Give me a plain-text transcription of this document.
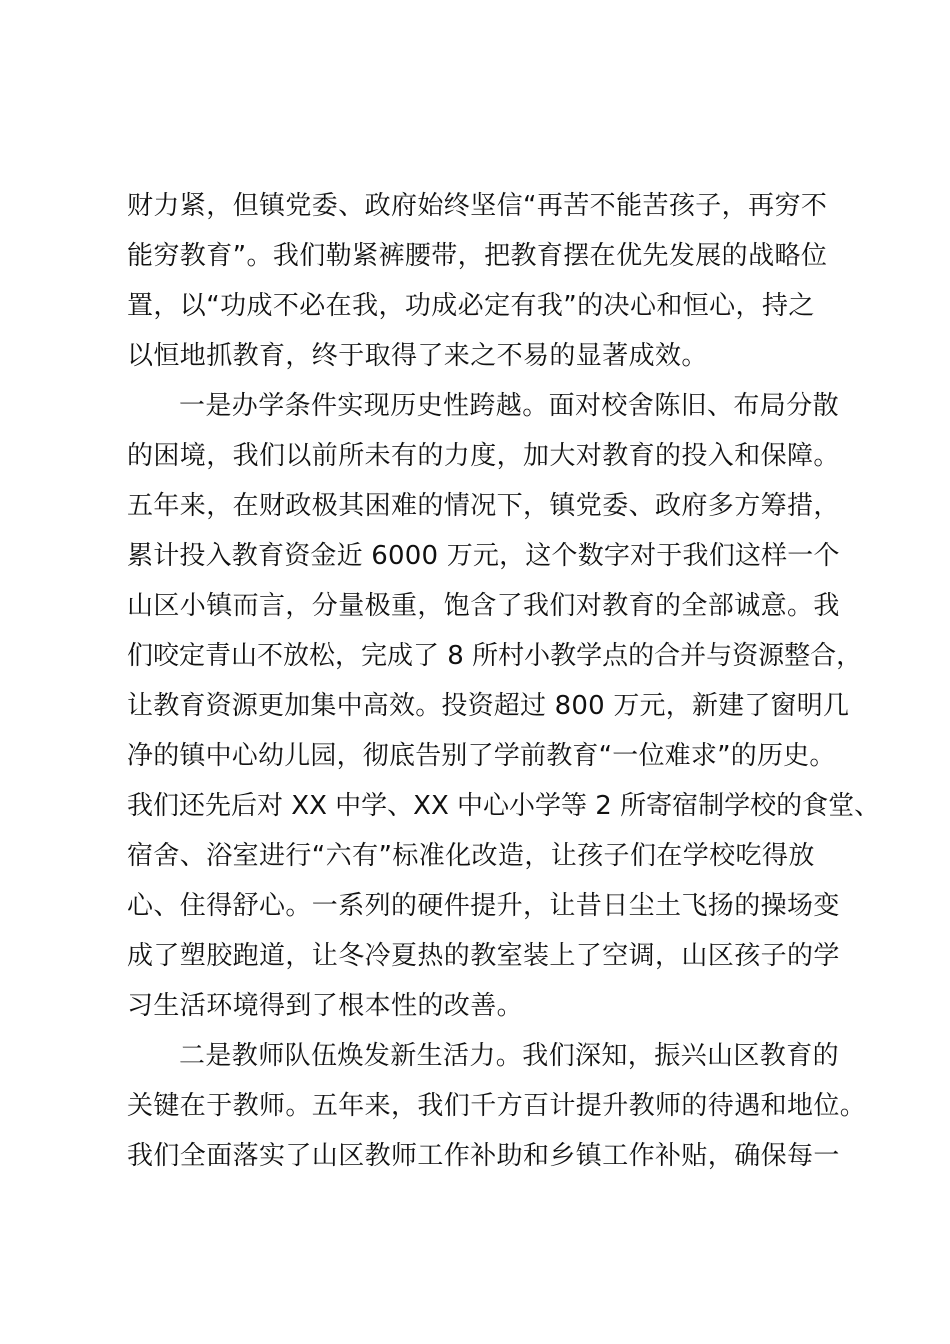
财力紧，但镇党委、政府始终坚信“再苦不能苦孩子，再穷不
能穷教育”。我们勒紧裤腰带，把教育摆在优先发展的战略位
置，以“功成不必在我，功成必定有我”的决心和恒心，持之
以恒地抓教育，终于取得了来之不易的显著成效。
一是办学条件实现历史性跨越。面对校舍陈旧、布局分散
的困境，我们以前所未有的力度，加大对教育的投入和保障。
五年来，在财政极其困难的情况下，镇党委、政府多方筹措，
累计投入教育资金近 6000 万元，这个数字对于我们这样一个
山区小镇而言，分量极重，饱含了我们对教育的全部诚意。我
们咬定青山不放松，完成了 8 所村小教学点的合并与资源整合，
让教育资源更加集中高效。投资超过 800 万元，新建了窗明几
净的镇中心幼儿园，彻底告别了学前教育“一位难求”的历史。
我们还先后对 XX 中学、XX 中心小学等 2 所寄宿制学校的食堂、
宿舍、浴室进行“六有”标准化改造，让孩子们在学校吃得放
心、住得舒心。一系列的硬件提升，让昔日尘土飞扬的操场变
成了塑胶跑道，让冬冷夏热的教室装上了空调，山区孩子的学
习生活环境得到了根本性的改善。
二是教师队伍焕发新生活力。我们深知，振兴山区教育的
关键在于教师。五年来，我们千方百计提升教师的待遇和地位。
我们全面落实了山区教师工作补助和乡镇工作补贴，确保每一
